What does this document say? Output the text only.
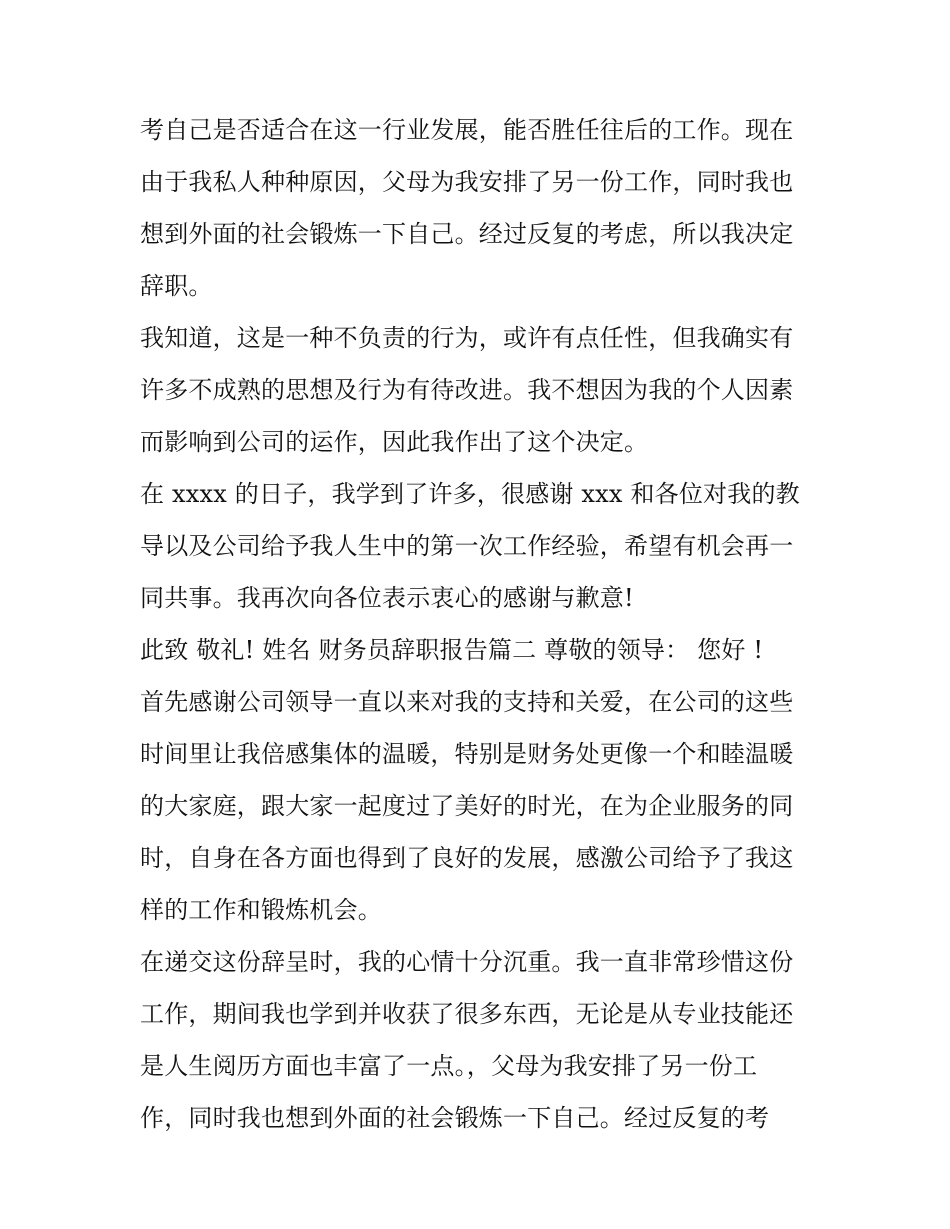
考自己是否适合在这一行业发展，能否胜任往后的工作。现在
由于我私人种种原因，父母为我安排了另一份工作，同时我也
想到外面的社会锻炼一下自己。经过反复的考虑，所以我决定
辞职。
我知道，这是一种不负责的行为，或许有点任性，但我确实有
许多不成熟的思想及行为有待改进。我不想因为我的个人因素
而影响到公司的运作，因此我作出了这个决定。
在 xxxx 的日子，我学到了许多，很感谢 xxx 和各位对我的教
导以及公司给予我人生中的第一次工作经验，希望有机会再一
同共事。我再次向各位表示衷心的感谢与歉意!
此致 敬礼! 姓名 财务员辞职报告篇二 尊敬的领导： 您好 !
首先感谢公司领导一直以来对我的支持和关爱，在公司的这些
时间里让我倍感集体的温暖，特别是财务处更像一个和睦温暖
的大家庭，跟大家一起度过了美好的时光，在为企业服务的同
时，自身在各方面也得到了良好的发展，感激公司给予了我这
样的工作和锻炼机会。
在递交这份辞呈时，我的心情十分沉重。我一直非常珍惜这份
工作，期间我也学到并收获了很多东西，无论是从专业技能还
是人生阅历方面也丰富了一点。，父母为我安排了另一份工
作，同时我也想到外面的社会锻炼一下自己。经过反复的考
